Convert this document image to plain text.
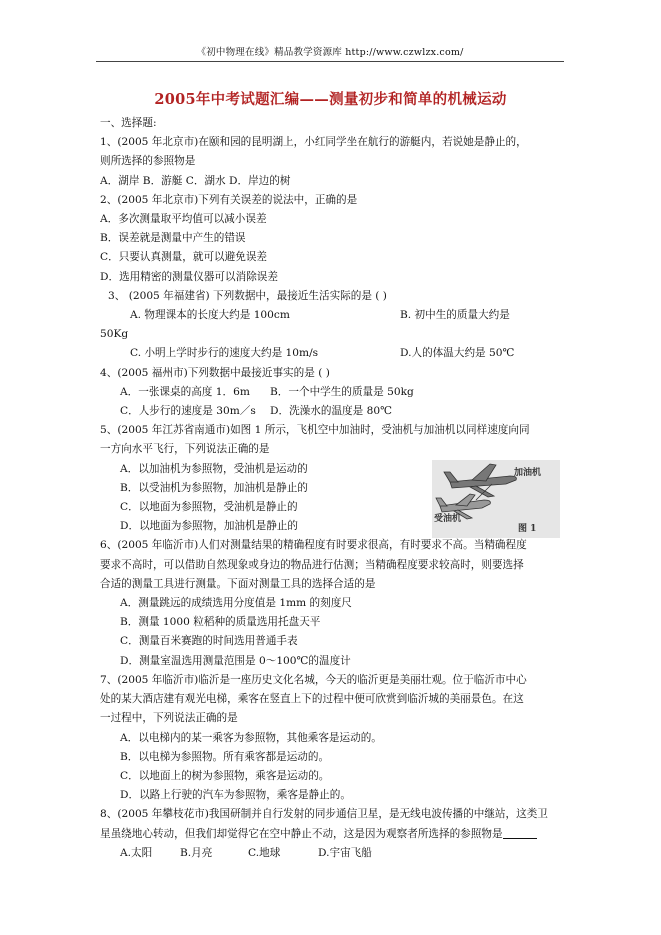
《初中物理在线》精品教学资源库 http://www.czwlzx.com/
2005年中考试题汇编——测量初步和简单的机械运动
一、选择题:
1、(2005 年北京市)在颐和园的昆明湖上，小红同学坐在航行的游艇内，若说她是静止的，
则所选择的参照物是
A．湖岸 B．游艇 C．湖水 D．岸边的树
2、(2005 年北京市)下列有关误差的说法中，正确的是
A．多次测量取平均值可以减小误差
B．误差就是测量中产生的错误
C．只要认真测量，就可以避免误差
D．选用精密的测量仪器可以消除误差
3、 (2005 年福建省) 下列数据中，最接近生活实际的是 ( )
A. 物理课本的长度大约是 100cm	B. 初中生的质量大约是
50Kg
C. 小明上学时步行的速度大约是 10m/s	D.人的体温大约是 50℃
4、(2005 福州市)下列数据中最接近事实的是 ( )
A．一张课桌的高度 1．6m B．一个中学生的质量是 50kg
C．人步行的速度是 30m／s D．洗澡水的温度是 80℃
5、(2005 年江苏省南通市)如图 1 所示，飞机空中加油时，受油机与加油机以同样速度向同
一方向水平飞行，下列说法正确的是
A．以加油机为参照物，受油机是运动的
B．以受油机为参照物，加油机是静止的
C．以地面为参照物，受油机是静止的
D．以地面为参照物，加油机是静止的
加油机
受油机
图 1
6、(2005 年临沂市)人们对测量结果的精确程度有时要求很高，有时要求不高。当精确程度
要求不高时，可以借助自然现象或身边的物品进行估测；当精确程度要求较高时，则要选择
合适的测量工具进行测量。下面对测量工具的选择合适的是
A．测量跳远的成绩选用分度值是 1mm 的刻度尺
B．测量 1000 粒稻种的质量选用托盘天平
C．测量百米赛跑的时间选用普通手表
D．测量室温选用测量范围是 0～100℃的温度计
7、(2005 年临沂市)临沂是一座历史文化名城，今天的临沂更是美丽壮观。位于临沂市中心
处的某大酒店建有观光电梯，乘客在竖直上下的过程中便可欣赏到临沂城的美丽景色。在这
一过程中，下列说法正确的是
A．以电梯内的某一乘客为参照物，其他乘客是运动的。
B．以电梯为参照物。所有乘客都是运动的。
C．以地面上的树为参照物，乘客是运动的。
D．以路上行驶的汽车为参照物，乘客是静止的。
8、(2005 年攀枝花市)我国研制并自行发射的同步通信卫星，是无线电波传播的中继站，这类卫
星虽绕地心转动，但我们却觉得它在空中静止不动，这是因为观察者所选择的参照物是
A.太阳	B.月亮	C.地球	D.宇宙飞船
